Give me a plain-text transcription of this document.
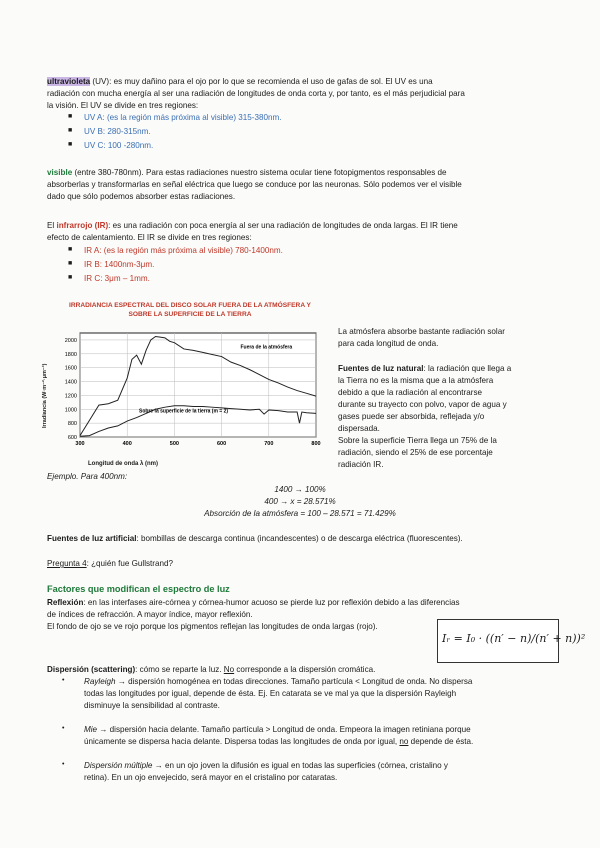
ultravioleta (UV): es muy dañino para el ojo por lo que se recomienda el uso de gafas de sol. El UV es una
radiación con mucha energía al ser una radiación de longitudes de onda corta y, por tanto, es el más perjudicial para
la visión. El UV se divide en tres regiones:
■ UV A: (es la región más próxima al visible) 315-380nm.
■ UV B: 280-315nm.
■ UV C: 100 -280nm.
visible (entre 380-780nm). Para estas radiaciones nuestro sistema ocular tiene fotopigmentos responsables de
absorberlas y transformarlas en señal eléctrica que luego se conduce por las neuronas. Sólo podemos ver el visible
dado que sólo podemos absorber estas radiaciones.
El infrarrojo (IR): es una radiación con poca energía al ser una radiación de longitudes de onda largas. El IR tiene
efecto de calentamiento. El IR se divide en tres regiones:
■ IR A: (es la región más próxima al visible) 780-1400nm.
■ IR B: 1400nm-3μm.
■ IR C: 3μm – 1mm.
IRRADIANCIA ESPECTRAL DEL DISCO SOLAR FUERA DE LA ATMÓSFERA Y SOBRE LA SUPERFICIE DE LA TIERRA
600
800
1000
1200
1400
1600
1800
2000
300	400	500	600	700	800
Fuera de la atmósfera
Sobre la superficie de la tierra (m = 2)
Longitud de onda λ (nm)
Irradiancia (W·m⁻²·μm⁻¹)
La atmósfera absorbe bastante radiación solar
para cada longitud de onda.
Fuentes de luz natural: la radiación que llega a
la Tierra no es la misma que a la atmósfera
debido a que la radiación al encontrarse
durante su trayecto con polvo, vapor de agua y
gases puede ser absorbida, reflejada y/o
dispersada.
Sobre la superficie Tierra llega un 75% de la
radiación, siendo el 25% de ese porcentaje
radiación IR.
Ejemplo. Para 400nm:
1400 → 100%
400 → x = 28.571%
Absorción de la atmósfera = 100 – 28.571 = 71.429%
Fuentes de luz artificial: bombillas de descarga continua (incandescentes) o de descarga eléctrica (fluorescentes).
Pregunta 4: ¿quién fue Gullstrand?
Factores que modifican el espectro de luz
Reflexión: en las interfases aire-córnea y córnea-humor acuoso se pierde luz por reflexión debido a las diferencias
de índices de refracción. A mayor índice, mayor reflexión.
El fondo de ojo se ve rojo porque los pigmentos reflejan las longitudes de onda largas (rojo).
Iᵣ = I₀ · ((n′ − n)/(n′ + n))²
Dispersión (scattering): cómo se reparte la luz. No corresponde a la dispersión cromática.
• Rayleigh → dispersión homogénea en todas direcciones. Tamaño partícula < Longitud de onda. No dispersa
todas las longitudes por igual, depende de ésta. Ej. En catarata se ve mal ya que la dispersión Rayleigh
disminuye la sensibilidad al contraste.
• Mie → dispersión hacia delante. Tamaño partícula > Longitud de onda. Empeora la imagen retiniana porque
únicamente se dispersa hacia delante. Dispersa todas las longitudes de onda por igual, no depende de ésta.
• Dispersión múltiple → en un ojo joven la difusión es igual en todas las superficies (córnea, cristalino y
retina). En un ojo envejecido, será mayor en el cristalino por cataratas.
